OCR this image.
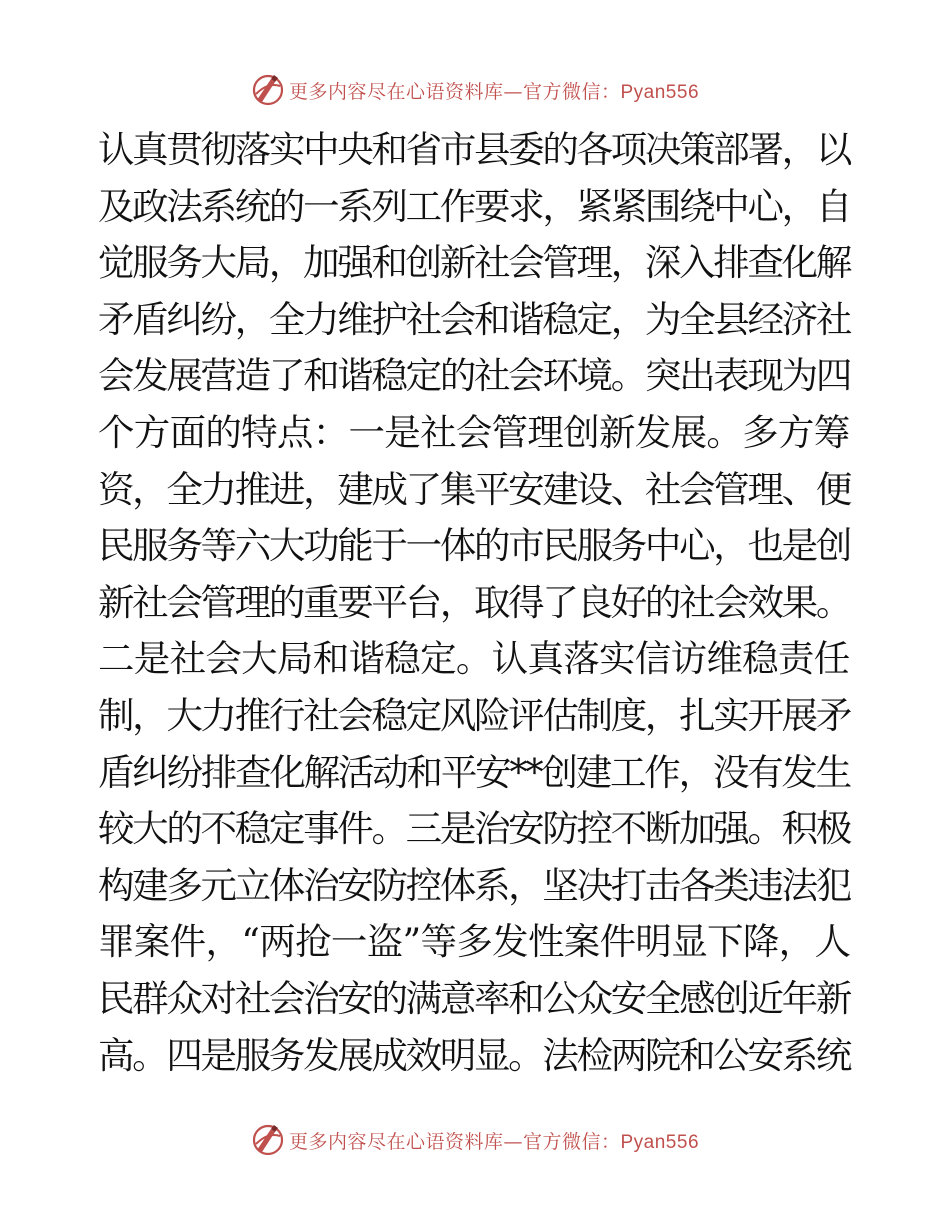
更多内容尽在心语资料库—官方微信：Pyan556
认真贯彻落实中央和省市县委的各项决策部署，以
及政法系统的一系列工作要求，紧紧围绕中心，自
觉服务大局，加强和创新社会管理，深入排查化解
矛盾纠纷，全力维护社会和谐稳定，为全县经济社
会发展营造了和谐稳定的社会环境。突出表现为四
个方面的特点：一是社会管理创新发展。多方筹
资，全力推进，建成了集平安建设、社会管理、便
民服务等六大功能于一体的市民服务中心，也是创
新社会管理的重要平台，取得了良好的社会效果。
二是社会大局和谐稳定。认真落实信访维稳责任
制，大力推行社会稳定风险评估制度，扎实开展矛
盾纠纷排查化解活动和平安**创建工作，没有发生
较大的不稳定事件。三是治安防控不断加强。积极
构建多元立体治安防控体系，坚决打击各类违法犯
罪案件，“两抢一盗”等多发性案件明显下降，人
民群众对社会治安的满意率和公众安全感创近年新
高。四是服务发展成效明显。法检两院和公安系统
更多内容尽在心语资料库—官方微信：Pyan556
